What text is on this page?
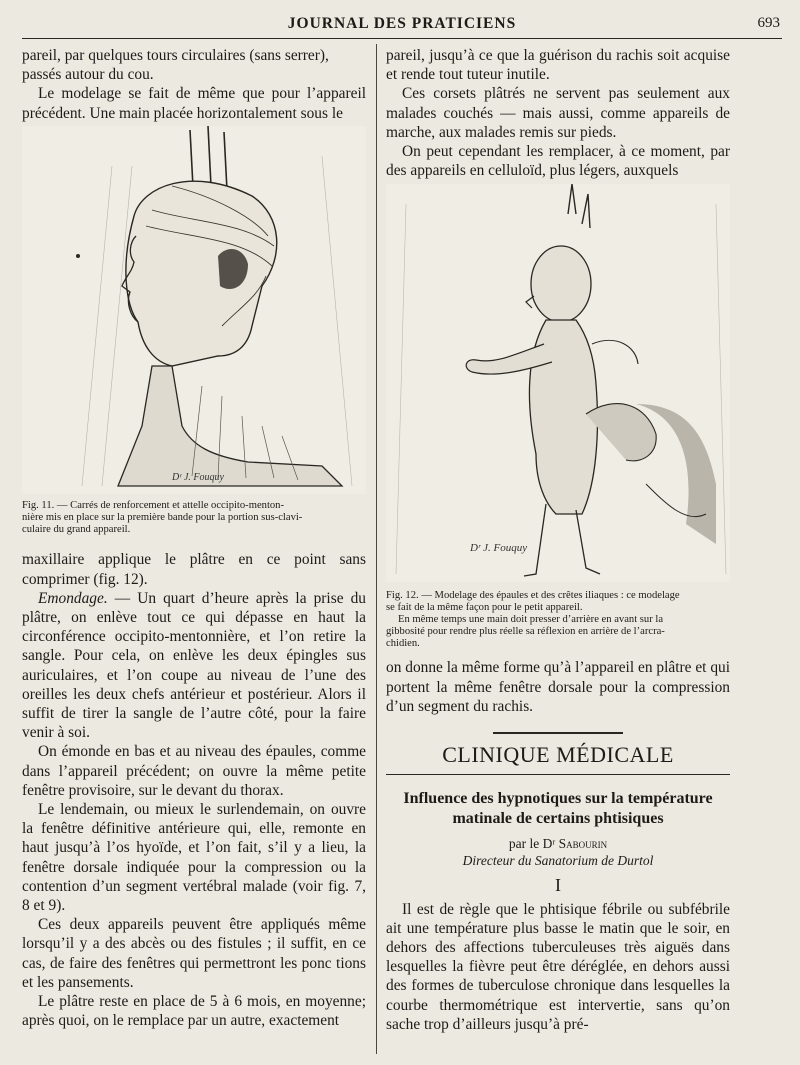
JOURNAL DES PRATICIENS	693

pareil, par quelques tours circulaires (sans serrer),

passés autour du cou.

Le modelage se fait de même que pour l’appareil précédent. Une main placée horizontalement sous le

Dʳ J. Fouquy

Fig. 11. — Carrés de renforcement et attelle occipito-menton-

nière mis en place sur la première bande pour la portion sus-clavi-

culaire du grand appareil.

maxillaire applique le plâtre en ce point sans comprimer (fig. 12).

Emondage. — Un quart d’heure après la prise du plâtre, on enlève tout ce qui dépasse en haut la circonférence occipito-mentonnière, et l’on retire la sangle. Pour cela, on enlève les deux épingles sus auriculaires, et l’on coupe au niveau de l’une des oreilles les deux chefs antérieur et postérieur. Alors il suffit de tirer la sangle de l’autre côté, pour la faire venir à soi.

On émonde en bas et au niveau des épaules, comme dans l’appareil précédent; on ouvre la même petite fenêtre provisoire, sur le devant du thorax.

Le lendemain, ou mieux le surlendemain, on ouvre la fenêtre définitive antérieure qui, elle, remonte en haut jusqu’à l’os hyoïde, et l’on fait, s’il y a lieu, la fenêtre dorsale indiquée pour la compression ou la contention d’un segment vertébral malade (voir fig. 7, 8 et 9).

Ces deux appareils peuvent être appliqués même lorsqu’il y a des abcès ou des fistules ; il suffit, en ce cas, de faire des fenêtres qui permettront les ponc tions et les pansements.

Le plâtre reste en place de 5 à 6 mois, en moyenne; après quoi, on le remplace par un autre, exactement

pareil, jusqu’à ce que la guérison du rachis soit acquise et rende tout tuteur inutile.

Ces corsets plâtrés ne servent pas seulement aux malades couchés — mais aussi, comme appareils de marche, aux malades remis sur pieds.

On peut cependant les remplacer, à ce moment, par des appareils en celluloïd, plus légers, auxquels

Dʳ J. Fouquy

Fig. 12. — Modelage des épaules et des crêtes iliaques : ce modelage

se fait de la même façon pour le petit appareil.

En même temps une main doit presser d’arrière en avant sur la

gibbosité pour rendre plus réelle sa réflexion en arrière de l’arcra-

chidien.

on donne la même forme qu’à l’appareil en plâtre et qui portent la même fenêtre dorsale pour la compression d’un segment du rachis.

CLINIQUE MÉDICALE

Influence des hypnotiques sur la température

matinale de certains phtisiques

par le Dʳ Sabourin

Directeur du Sanatorium de Durtol

I

Il est de règle que le phtisique fébrile ou subfébrile ait une température plus basse le matin que le soir, en dehors des affections tuberculeuses très aiguës dans lesquelles la fièvre peut être déréglée, en dehors aussi des formes de tuberculose chronique dans lesquelles la courbe thermométrique est intervertie, sans qu’on sache trop d’ailleurs jusqu’à pré-
